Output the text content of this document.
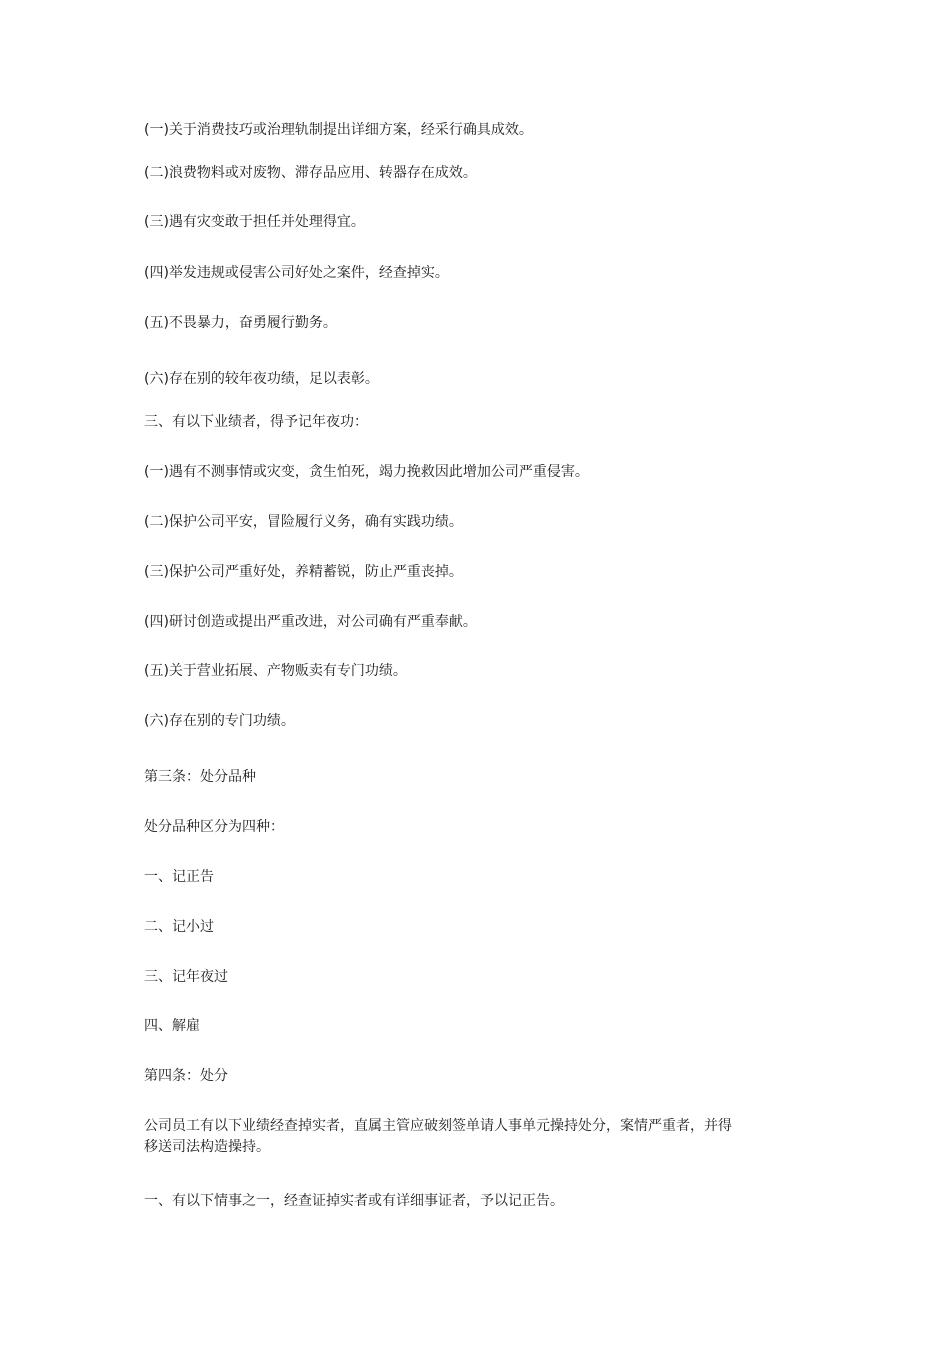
(一)关于消费技巧或治理轨制提出详细方案，经采行确具成效。
(二)浪费物料或对废物、滞存品应用、转器存在成效。
(三)遇有灾变敢于担任并处理得宜。
(四)举发违规或侵害公司好处之案件，经查掉实。
(五)不畏暴力，奋勇履行勤务。
(六)存在别的较年夜功绩，足以表彰。
三、有以下业绩者，得予记年夜功：
(一)遇有不测事情或灾变，贪生怕死，竭力挽救因此增加公司严重侵害。
(二)保护公司平安，冒险履行义务，确有实践功绩。
(三)保护公司严重好处，养精蓄锐，防止严重丧掉。
(四)研讨创造或提出严重改进，对公司确有严重奉献。
(五)关于营业拓展、产物贩卖有专门功绩。
(六)存在别的专门功绩。
第三条：处分品种
处分品种区分为四种：
一、记正告
二、记小过
三、记年夜过
四、解雇
第四条：处分
公司员工有以下业绩经查掉实者，直属主管应破刻签单请人事单元操持处分，案情严重者，并得移送司法构造操持。
一、有以下情事之一，经查证掉实者或有详细事证者，予以记正告。
